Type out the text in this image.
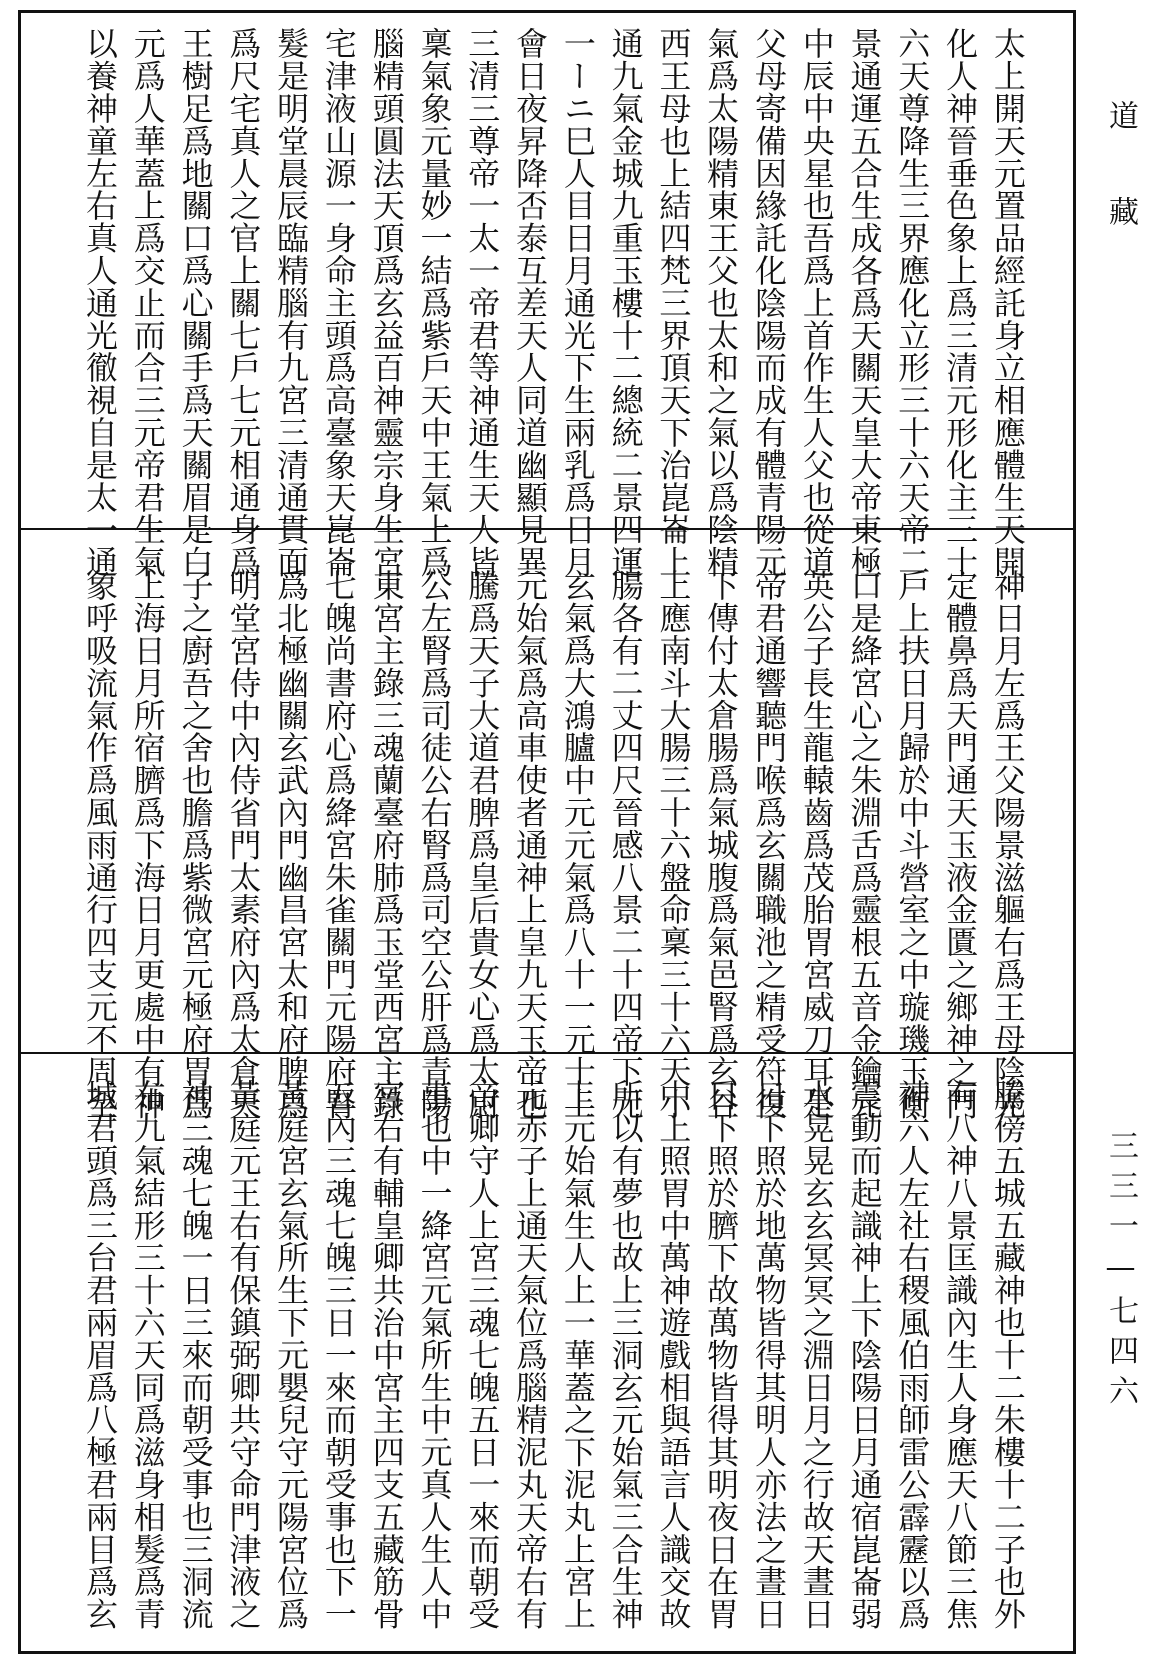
太上開天元置品經託身立相應體生天開
化人神晉垂色象上爲三清元形化主三十
六天尊降生三界應化立形三十六天帝二
景通運五合生成各爲天關天皇大帝東極
中辰中央星也吾爲上首作生人父也從道
父母寄備因緣託化陰陽而成有體青陽元
氣爲太陽精東王父也太和之氣以爲陰精
西王母也上結四梵三界頂天下治崑崙上
通九氣金城九重玉樓十二總統二景四運
一ーニ巳人目日月通光下生兩乳爲日月
會日夜昇降否泰互差天人同道幽顯見異
三清三尊帝一太一帝君等神通生天人皆
稟氣象元量妙一結爲紫戶天中王氣上爲
腦精頭圓法天頂爲玄益百神靈宗身生宮
宅津液山源一身命主頭爲高臺象天崑崙
髮是明堂晨辰臨精腦有九宮三清通貫面
爲尺宅真人之官上關七戶七元相通身爲
王樹足爲地關口爲心關手爲天關眉是白
元爲人華蓋上爲交止而合三元帝君生氣
以養神童左右真人通光徹視自是太一通
神日月左爲王父陽景滋軀右爲王母陰光
定體鼻爲天門通天玉液金匱之鄉神之門
戶上扶日月歸於中斗營室之中璇璣玉衡
口是絳宮心之朱淵舌爲靈根五音金鑰元
英公子長生龍轅齒爲茂胎胃宮威刀耳是
帝君通響聽門喉爲玄關職池之精受符復
下傳付太倉腸爲氣城腹爲氣邑腎爲玄谷
上應南斗大腸三十六盤命稟三十六天小
腸各有二丈四尺晉感八景二十四帝下元
玄氣爲大鴻臚中元元氣爲八十一元士上
元始氣爲高車使者通神上皇九天玉帝也
騰爲天子大道君脾爲皇后貴女心爲太尉
公左腎爲司徒公右腎爲司空公肝爲青陽
東宮主錄三魂蘭臺府肺爲玉堂西宮主錄
七魄尚書府心爲絳宮朱雀關門元陽府腎
爲北極幽關玄武內門幽昌宮太和府脾爲
明堂宮侍中內侍省門太素府內爲太倉天
子之廚吾之舍也膽爲紫微宮元極府胃爲
上海日月所宿臍爲下海日月更處中有神
象呼吸流氣作爲風雨通行四支元不周至
騰傍五城五藏神也十二朱樓十二子也外
有八神八景匡識內生人身應天八節三焦
神六人左社右稷風伯雨師雷公霹靂以爲
震動而起識神上下陰陽日月通宿崑崙弱
水晃晃玄玄冥冥之淵日月之行故天晝日
日下照於地萬物皆得其明人亦法之晝日
日下照於臍下故萬物皆得其明夜日在胃
中上照胃中萬神遊戲相與語言人識交故
所以有夢也故上三洞玄元始氣三合生神
上元始氣生人上一華蓋之下泥丸上宮上
元赤子上通天氣位爲腦精泥丸天帝右有
帝卿守人上宮三魂七魄五日一來而朝受
事也中一絳宮元氣所生中元真人生人中
宮右有輔皇卿共治中宮主四支五藏筋骨
五內三魂七魄三日一來而朝受事也下一
黃庭宮玄氣所生下元嬰兒守元陽宮位爲
黃庭元王右有保鎮弼卿共守命門津液之
神三魂七魄一日三來而朝受事也三洞流
布九氣結形三十六天同爲滋身相髮爲青
城君頭爲三台君兩眉爲八極君兩目爲玄
道藏
三三一—七四六
